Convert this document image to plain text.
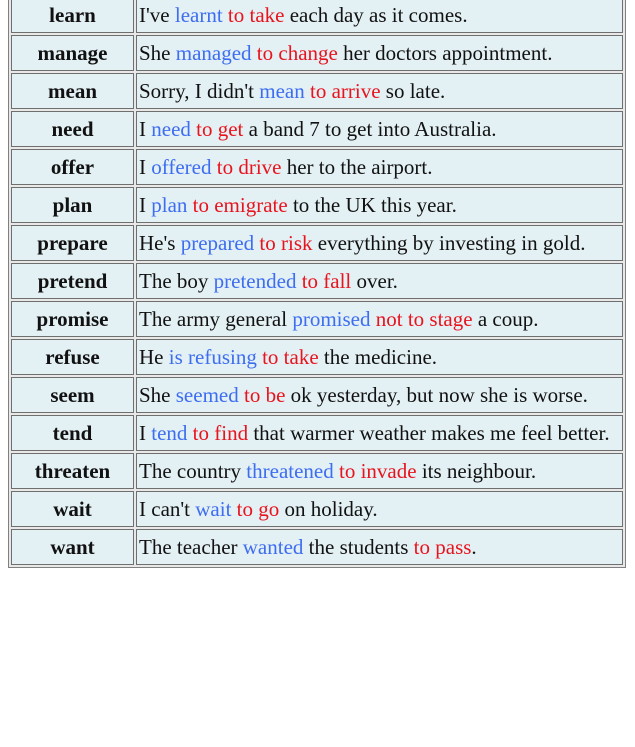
learn	I've learnt to take each day as it comes.
manage	She managed to change her doctors appointment.
mean	Sorry, I didn't mean to arrive so late.
need	I need to get a band 7 to get into Australia.
offer	I offered to drive her to the airport.
plan	I plan to emigrate to the UK this year.
prepare	He's prepared to risk everything by investing in gold.
pretend	The boy pretended to fall over.
promise	The army general promised not to stage a coup.
refuse	He is refusing to take the medicine.
seem	She seemed to be ok yesterday, but now she is worse.
tend	I tend to find that warmer weather makes me feel better.
threaten	The country threatened to invade its neighbour.
wait	I can't wait to go on holiday.
want	The teacher wanted the students to pass.
